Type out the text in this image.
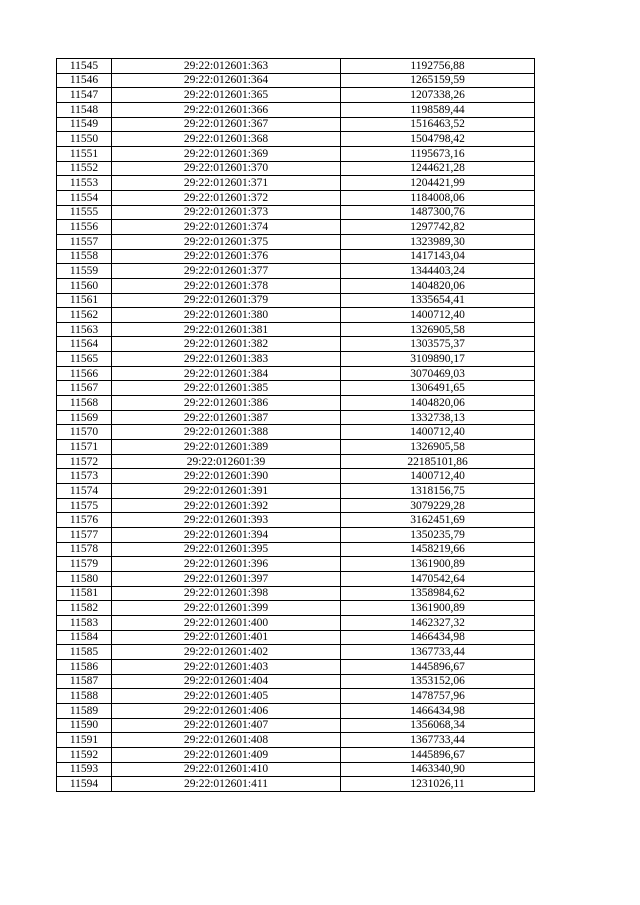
11545	29:22:012601:363	1192756,88
11546	29:22:012601:364	1265159,59
11547	29:22:012601:365	1207338,26
11548	29:22:012601:366	1198589,44
11549	29:22:012601:367	1516463,52
11550	29:22:012601:368	1504798,42
11551	29:22:012601:369	1195673,16
11552	29:22:012601:370	1244621,28
11553	29:22:012601:371	1204421,99
11554	29:22:012601:372	1184008,06
11555	29:22:012601:373	1487300,76
11556	29:22:012601:374	1297742,82
11557	29:22:012601:375	1323989,30
11558	29:22:012601:376	1417143,04
11559	29:22:012601:377	1344403,24
11560	29:22:012601:378	1404820,06
11561	29:22:012601:379	1335654,41
11562	29:22:012601:380	1400712,40
11563	29:22:012601:381	1326905,58
11564	29:22:012601:382	1303575,37
11565	29:22:012601:383	3109890,17
11566	29:22:012601:384	3070469,03
11567	29:22:012601:385	1306491,65
11568	29:22:012601:386	1404820,06
11569	29:22:012601:387	1332738,13
11570	29:22:012601:388	1400712,40
11571	29:22:012601:389	1326905,58
11572	29:22:012601:39	22185101,86
11573	29:22:012601:390	1400712,40
11574	29:22:012601:391	1318156,75
11575	29:22:012601:392	3079229,28
11576	29:22:012601:393	3162451,69
11577	29:22:012601:394	1350235,79
11578	29:22:012601:395	1458219,66
11579	29:22:012601:396	1361900,89
11580	29:22:012601:397	1470542,64
11581	29:22:012601:398	1358984,62
11582	29:22:012601:399	1361900,89
11583	29:22:012601:400	1462327,32
11584	29:22:012601:401	1466434,98
11585	29:22:012601:402	1367733,44
11586	29:22:012601:403	1445896,67
11587	29:22:012601:404	1353152,06
11588	29:22:012601:405	1478757,96
11589	29:22:012601:406	1466434,98
11590	29:22:012601:407	1356068,34
11591	29:22:012601:408	1367733,44
11592	29:22:012601:409	1445896,67
11593	29:22:012601:410	1463340,90
11594	29:22:012601:411	1231026,11
